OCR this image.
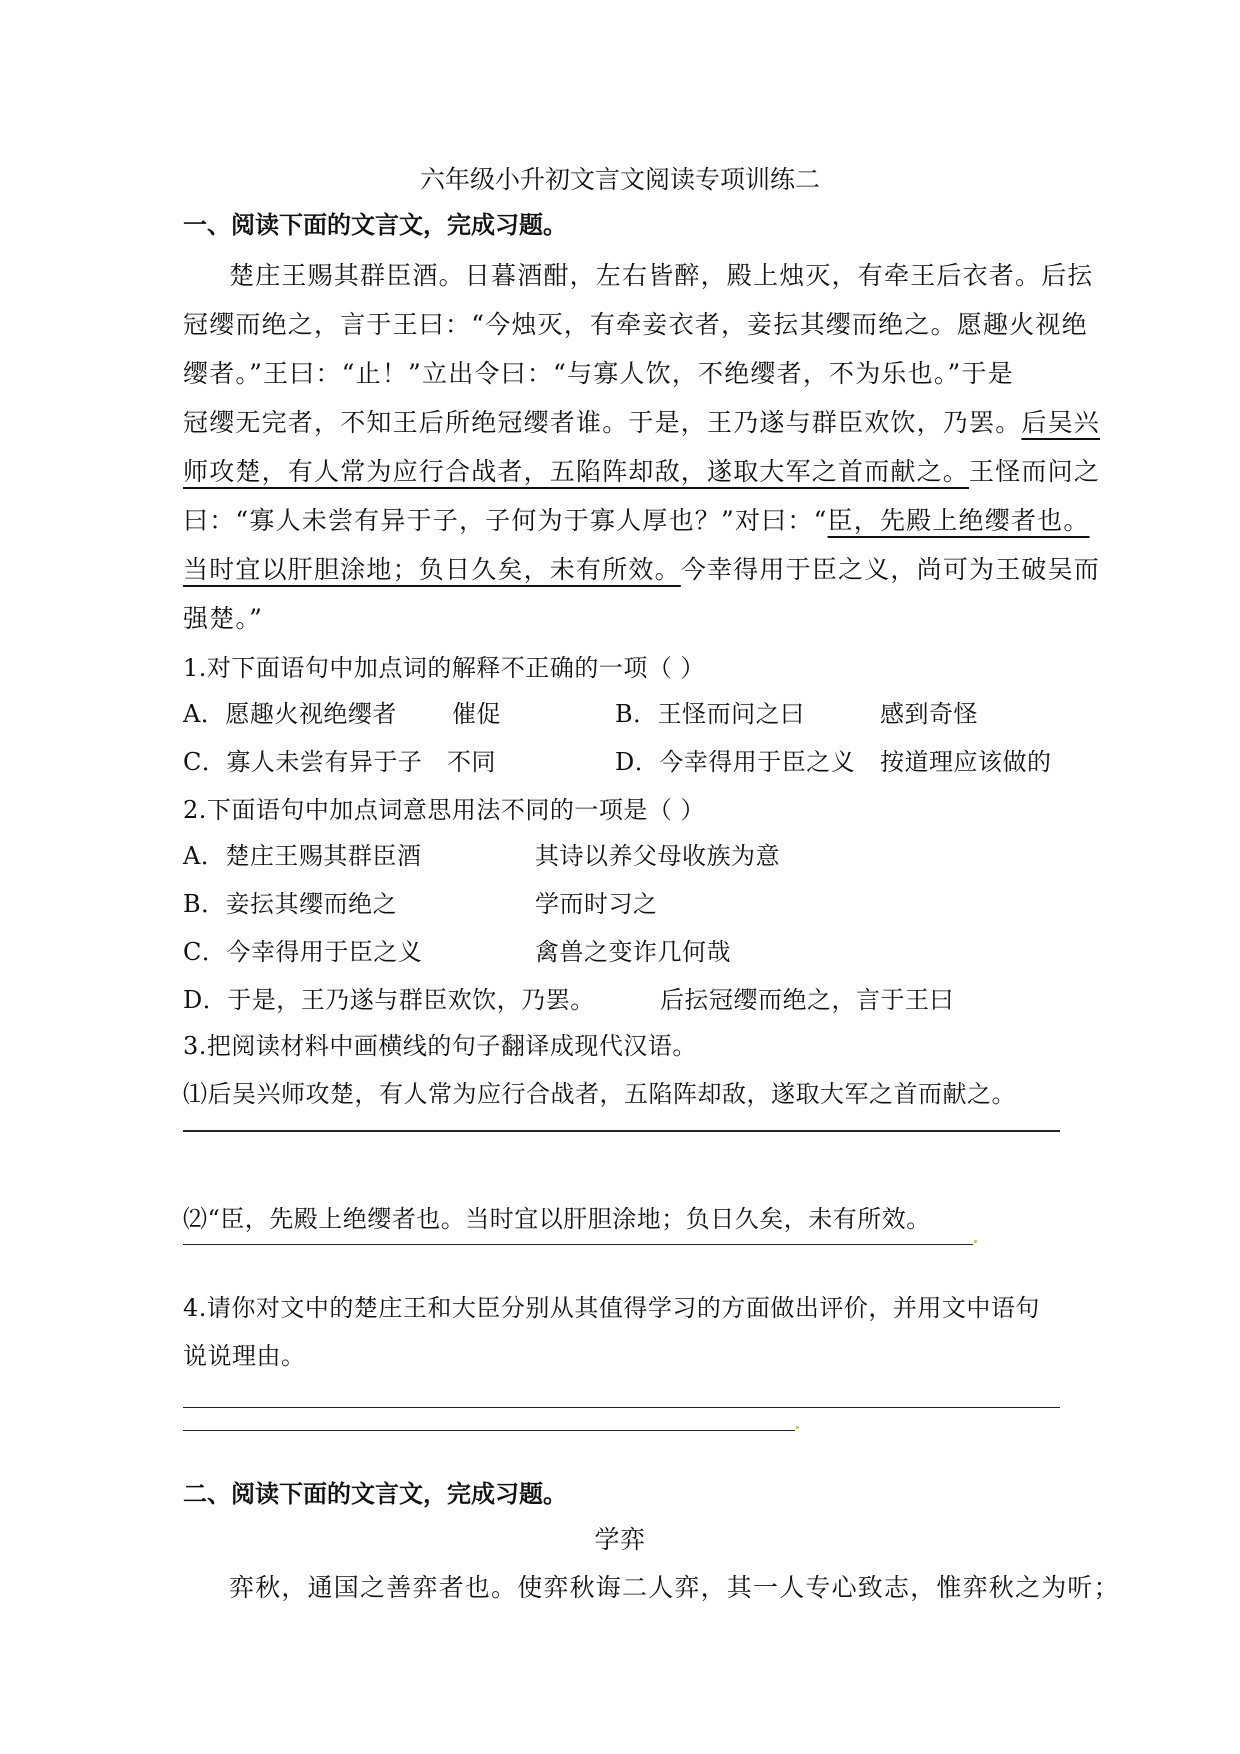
六年级小升初文言文阅读专项训练二
一、阅读下面的文言文，完成习题。
楚庄王赐其群臣酒。日暮酒酣，左右皆醉，殿上烛灭，有牵王后衣者。后抎
冠缨而绝之，言于王曰：“今烛灭，有牵妾衣者，妾抎其缨而绝之。愿趣火视绝
缨者。”王曰：“止！”立出令曰：“与寡人饮，不绝缨者，不为乐也。”于是
冠缨无完者，不知王后所绝冠缨者谁。于是，王乃遂与群臣欢饮，乃罢。后吴兴
师攻楚，有人常为应行合战者，五陷阵却敌，遂取大军之首而献之。王怪而问之
曰：“寡人未尝有异于子，子何为于寡人厚也？”对曰：“臣，先殿上绝缨者也。
当时宜以肝胆涂地；负日久矣，未有所效。今幸得用于臣之义，尚可为王破吴而
强楚。”
1.对下面语句中加点词的解释不正确的一项（ ）
A．愿趣火视绝缨者 催促	B．王怪而问之曰	感到奇怪
C．寡人未尝有异于子 不同	D．今幸得用于臣之义 按道理应该做的
2.下面语句中加点词意思用法不同的一项是（ ）
A．楚庄王赐其群臣酒	其诗以养父母收族为意
B．妾抎其缨而绝之	学而时习之
C．今幸得用于臣之义	禽兽之变诈几何哉
D．于是，王乃遂与群臣欢饮，乃罢。	后抎冠缨而绝之，言于王曰
3.把阅读材料中画横线的句子翻译成现代汉语。
⑴后吴兴师攻楚，有人常为应行合战者，五陷阵却敌，遂取大军之首而献之。
⑵“臣，先殿上绝缨者也。当时宜以肝胆涂地；负日久矣，未有所效。
4.请你对文中的楚庄王和大臣分别从其值得学习的方面做出评价，并用文中语句
说说理由。
二、阅读下面的文言文，完成习题。
学弈
弈秋，通国之善弈者也。使弈秋诲二人弈，其一人专心致志，惟弈秋之为听；
